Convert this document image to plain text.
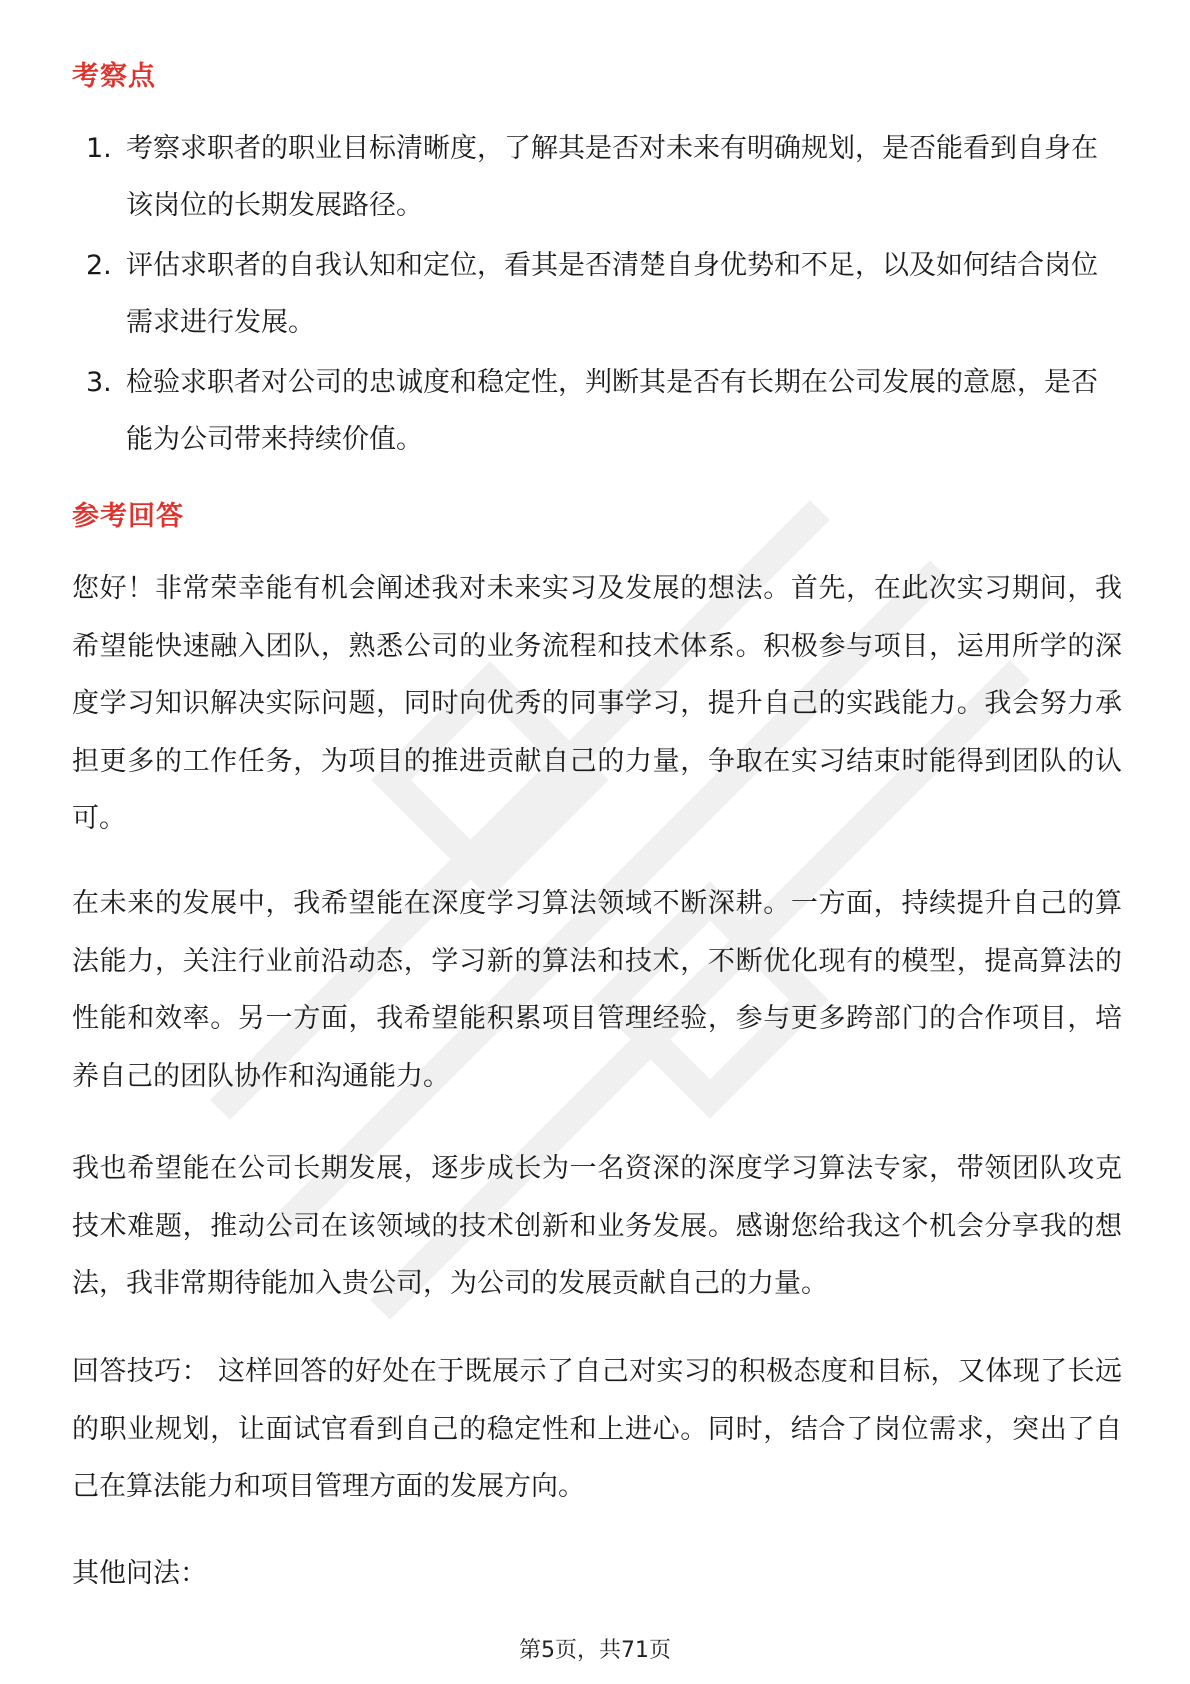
考察点
1. 考察求职者的职业目标清晰度，了解其是否对未来有明确规划，是否能看到自身在该岗位的长期发展路径。
2. 评估求职者的自我认知和定位，看其是否清楚自身优势和不足，以及如何结合岗位需求进行发展。
3. 检验求职者对公司的忠诚度和稳定性，判断其是否有长期在公司发展的意愿，是否能为公司带来持续价值。
参考回答

您好！非常荣幸能有机会阐述我对未来实习及发展的想法。首先，在此次实习期间，我希望能快速融入团队，熟悉公司的业务流程和技术体系。积极参与项目，运用所学的深度学习知识解决实际问题，同时向优秀的同事学习，提升自己的实践能力。我会努力承担更多的工作任务，为项目的推进贡献自己的力量，争取在实习结束时能得到团队的认可。

在未来的发展中，我希望能在深度学习算法领域不断深耕。一方面，持续提升自己的算法能力，关注行业前沿动态，学习新的算法和技术，不断优化现有的模型，提高算法的性能和效率。另一方面，我希望能积累项目管理经验，参与更多跨部门的合作项目，培养自己的团队协作和沟通能力。

我也希望能在公司长期发展，逐步成长为一名资深的深度学习算法专家，带领团队攻克技术难题，推动公司在该领域的技术创新和业务发展。感谢您给我这个机会分享我的想法，我非常期待能加入贵公司，为公司的发展贡献自己的力量。

回答技巧： 这样回答的好处在于既展示了自己对实习的积极态度和目标，又体现了长远的职业规划，让面试官看到自己的稳定性和上进心。同时，结合了岗位需求，突出了自己在算法能力和项目管理方面的发展方向。

其他问法：

第5页，共71页
